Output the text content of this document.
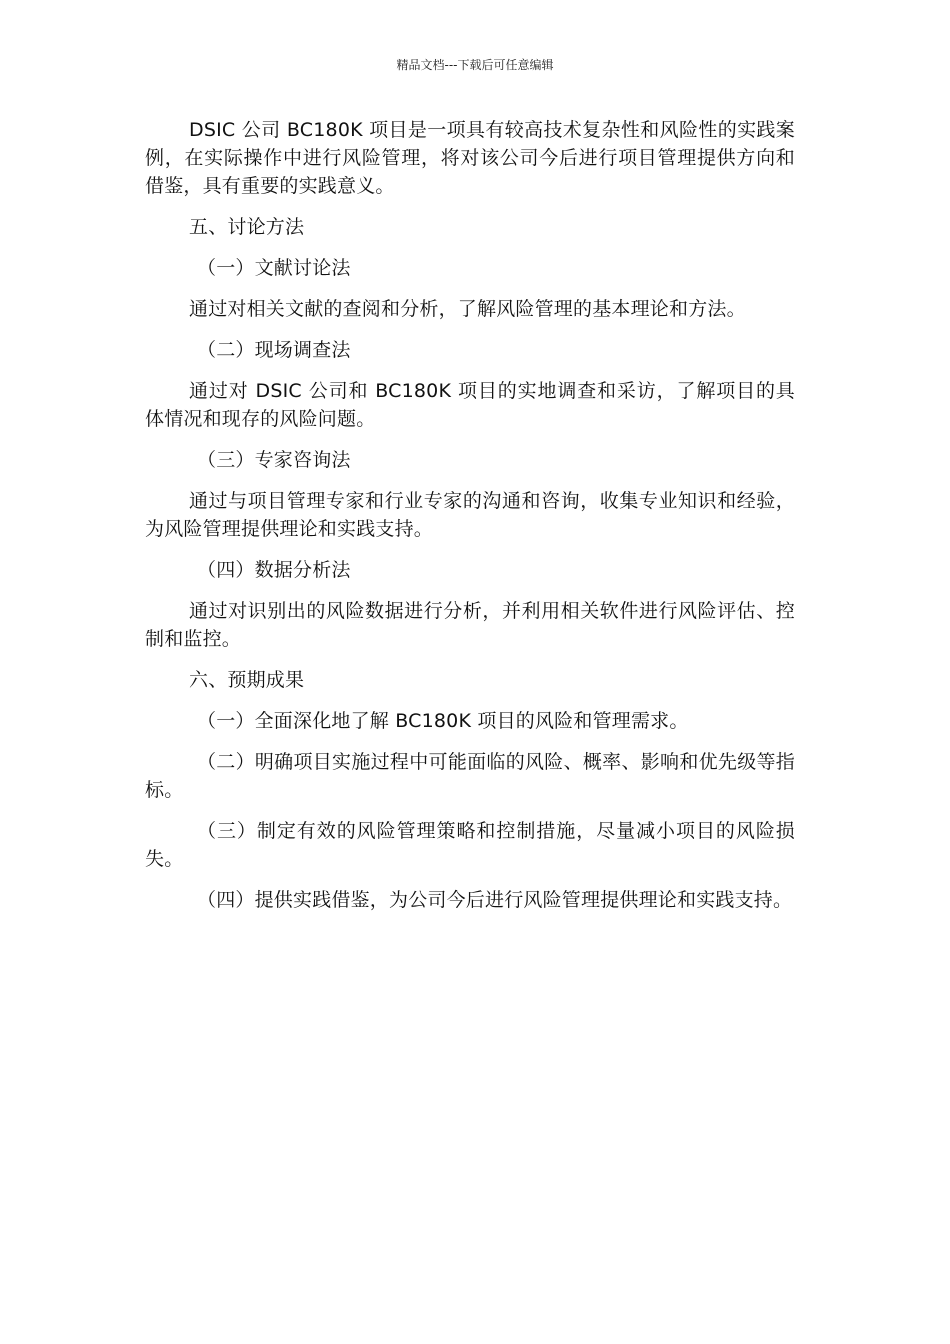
精品文档---下载后可任意编辑

DSIC 公司 BC180K 项目是一项具有较高技术复杂性和风险性的实践案例，在实际操作中进行风险管理，将对该公司今后进行项目管理提供方向和借鉴，具有重要的实践意义。

五、讨论方法

（一）文献讨论法

通过对相关文献的查阅和分析，了解风险管理的基本理论和方法。

（二）现场调查法

通过对 DSIC 公司和 BC180K 项目的实地调查和采访，了解项目的具体情况和现存的风险问题。

（三）专家咨询法

通过与项目管理专家和行业专家的沟通和咨询，收集专业知识和经验，为风险管理提供理论和实践支持。

（四）数据分析法

通过对识别出的风险数据进行分析，并利用相关软件进行风险评估、控制和监控。

六、预期成果

（一）全面深化地了解 BC180K 项目的风险和管理需求。

（二）明确项目实施过程中可能面临的风险、概率、影响和优先级等指标。

（三）制定有效的风险管理策略和控制措施，尽量减小项目的风险损失。

（四）提供实践借鉴，为公司今后进行风险管理提供理论和实践支持。
